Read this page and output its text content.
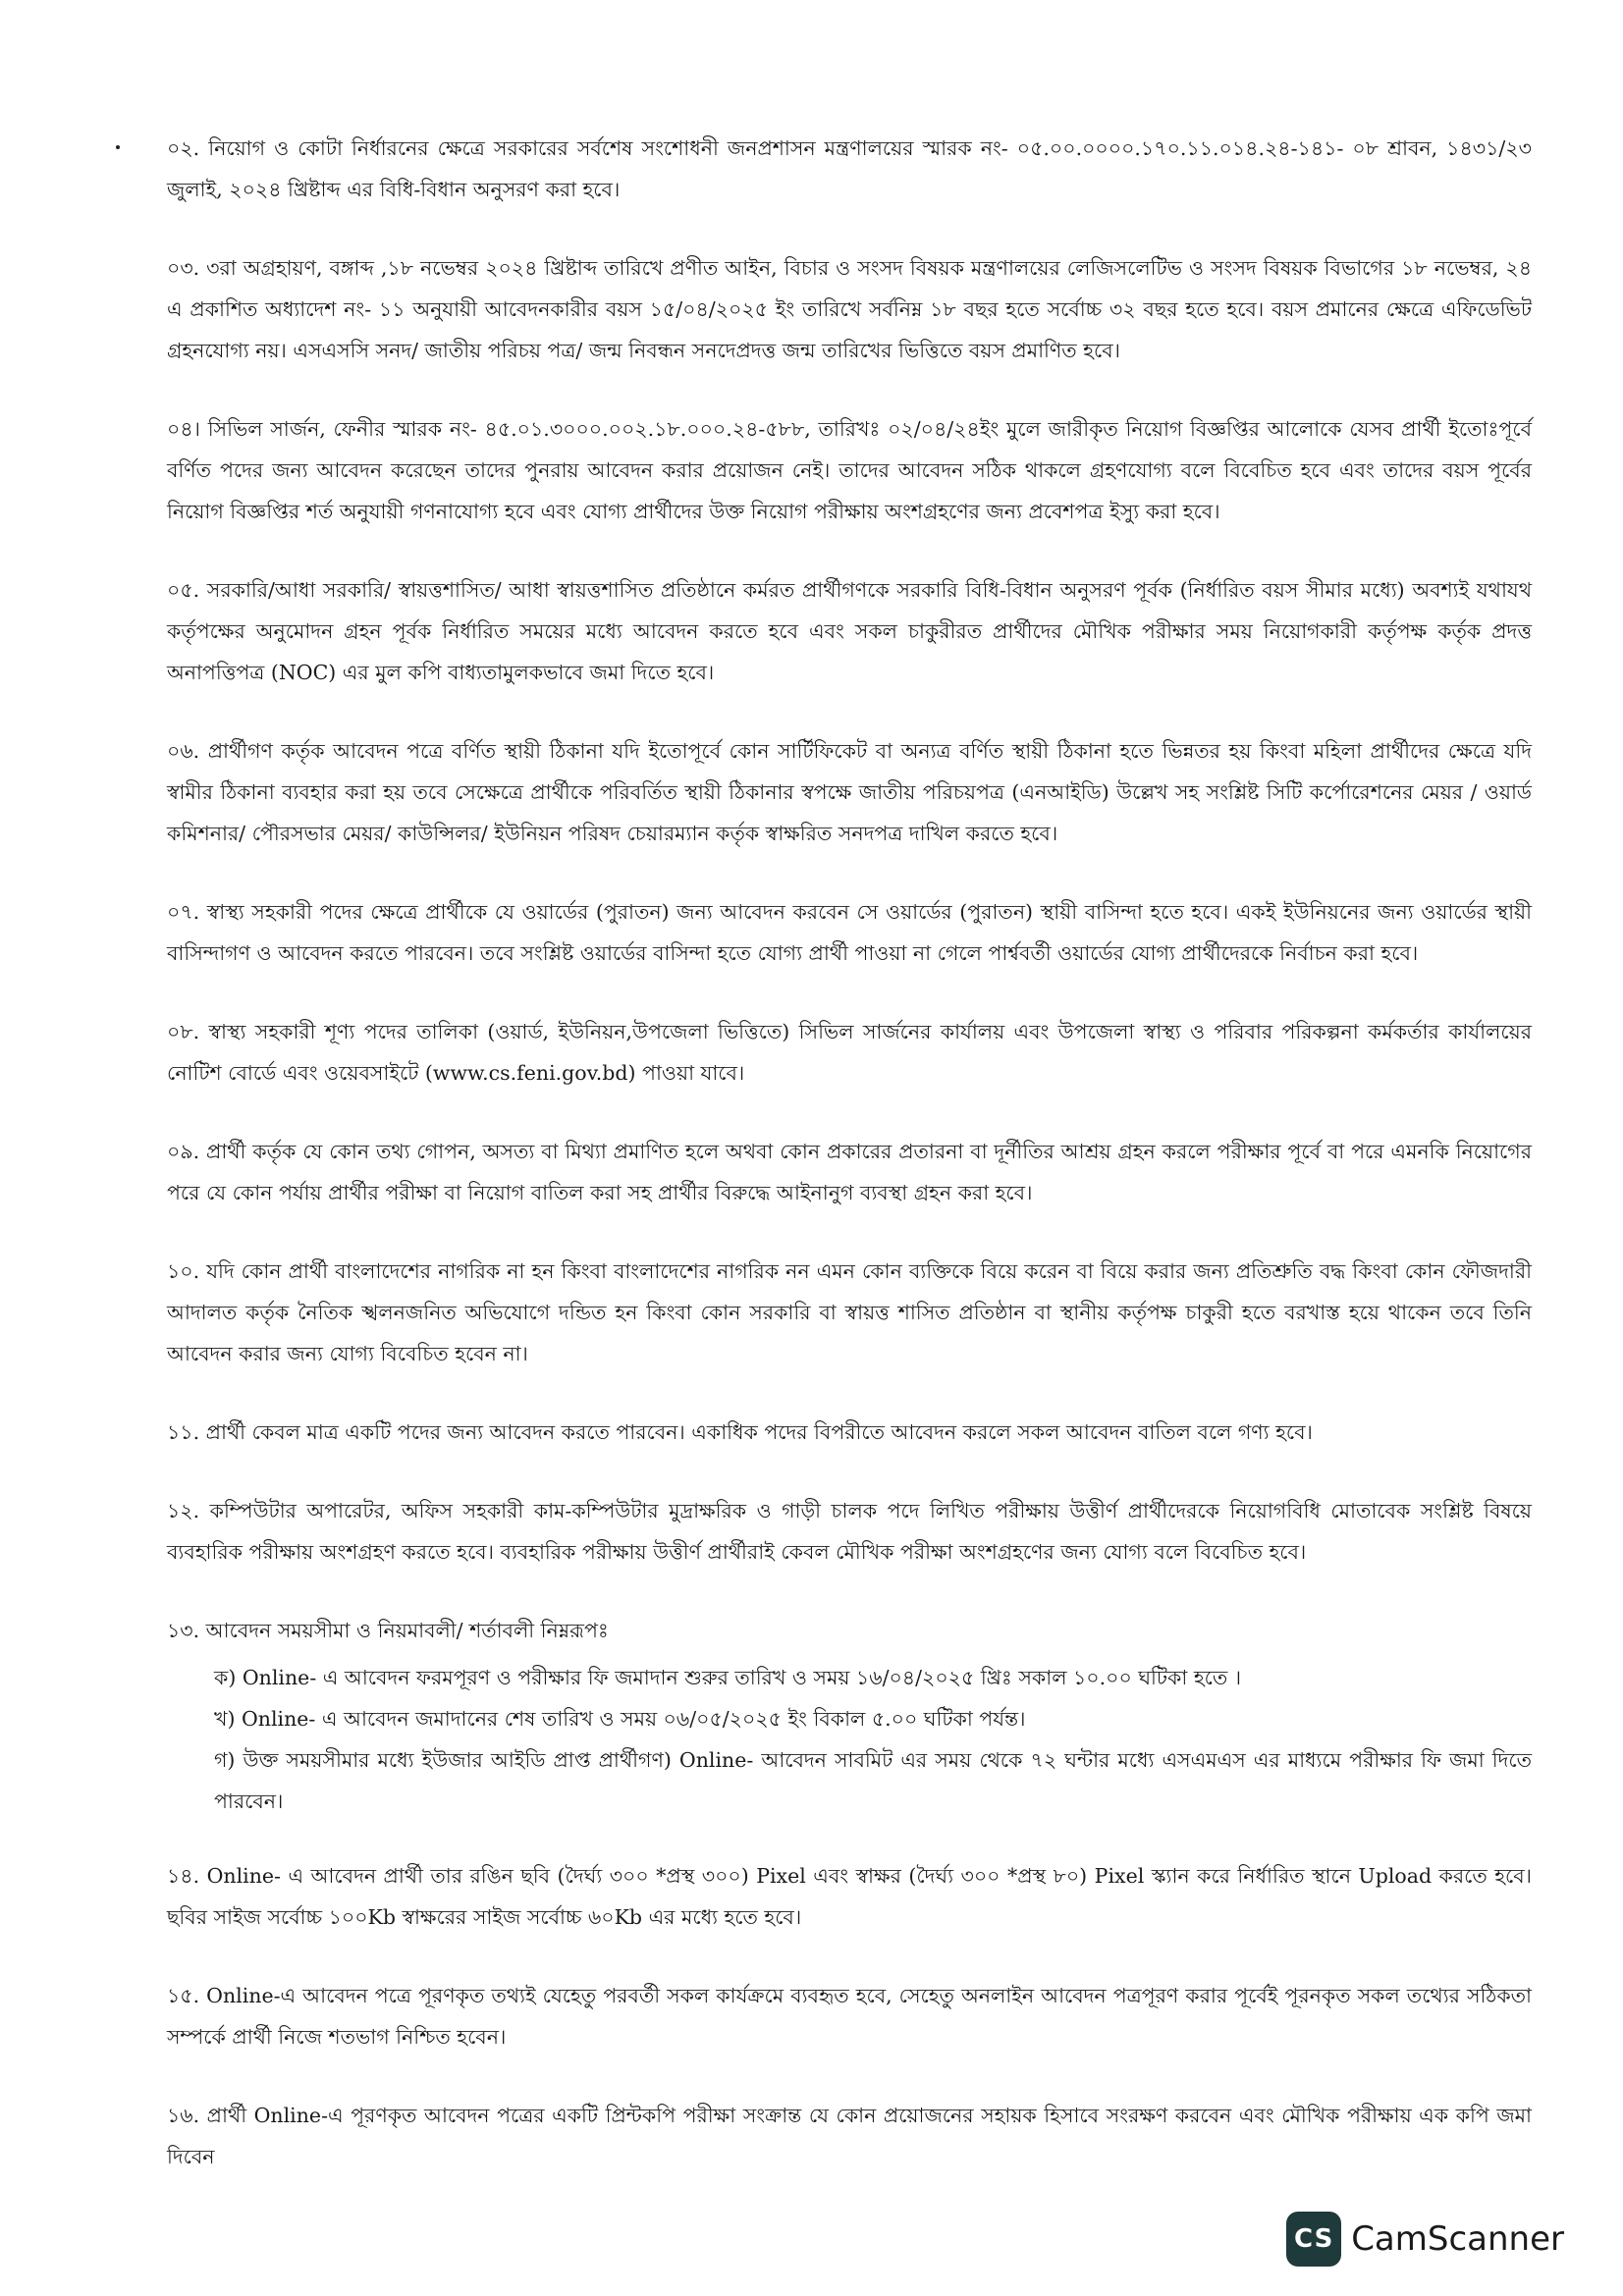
০২. নিয়োগ ও কোটা নির্ধারনের ক্ষেত্রে সরকারের সর্বশেষ সংশোধনী জনপ্রশাসন মন্ত্রণালয়ের স্মারক নং- ০৫.০০.০০০০.১৭০.১১.০১৪.২৪-১৪১- ০৮ শ্রাবন, ১৪৩১/২৩ জুলাই, ২০২৪ খ্রিষ্টাব্দ এর বিধি-বিধান অনুসরণ করা হবে।

০৩. ৩রা অগ্রহায়ণ, বঙ্গাব্দ ,১৮ নভেম্বর ২০২৪ খ্রিষ্টাব্দ তারিখে প্রণীত আইন, বিচার ও সংসদ বিষয়ক মন্ত্রণালয়ের লেজিসলেটিভ ও সংসদ বিষয়ক বিভাগের ১৮ নভেম্বর, ২৪ এ প্রকাশিত অধ্যাদেশ নং- ১১ অনুযায়ী আবেদনকারীর বয়স ১৫/০৪/২০২৫ ইং তারিখে সর্বনিম্ন ১৮ বছর হতে সর্বোচ্চ ৩২ বছর হতে হবে। বয়স প্রমানের ক্ষেত্রে এফিডেভিট গ্রহনযোগ্য নয়। এসএসসি সনদ/ জাতীয় পরিচয় পত্র/ জন্ম নিবন্ধন সনদেপ্রদত্ত জন্ম তারিখের ভিত্তিতে বয়স প্রমাণিত হবে।

০৪। সিভিল সার্জন, ফেনীর স্মারক নং- ৪৫.০১.৩০০০.০০২.১৮.০০০.২৪-৫৮৮, তারিখঃ ০২/০৪/২৪ইং মুলে জারীকৃত নিয়োগ বিজ্ঞপ্তির আলোকে যেসব প্রার্থী ইতোঃপূর্বে বর্ণিত পদের জন্য আবেদন করেছেন তাদের পুনরায় আবেদন করার প্রয়োজন নেই। তাদের আবেদন সঠিক থাকলে গ্রহণযোগ্য বলে বিবেচিত হবে এবং তাদের বয়স পূর্বের নিয়োগ বিজ্ঞপ্তির শর্ত অনুযায়ী গণনাযোগ্য হবে এবং যোগ্য প্রার্থীদের উক্ত নিয়োগ পরীক্ষায় অংশগ্রহণের জন্য প্রবেশপত্র ইস্যু করা হবে।

০৫. সরকারি/আধা সরকারি/ স্বায়ত্তশাসিত/ আধা স্বায়ত্তশাসিত প্রতিষ্ঠানে কর্মরত প্রার্থীগণকে সরকারি বিধি-বিধান অনুসরণ পূর্বক (নির্ধারিত বয়স সীমার মধ্যে) অবশ্যই যথাযথ কর্তৃপক্ষের অনুমোদন গ্রহন পূর্বক নির্ধারিত সময়ের মধ্যে আবেদন করতে হবে এবং সকল চাকুরীরত প্রার্থীদের মৌখিক পরীক্ষার সময় নিয়োগকারী কর্তৃপক্ষ কর্তৃক প্রদত্ত অনাপত্তিপত্র (NOC) এর মুল কপি বাধ্যতামুলকভাবে জমা দিতে হবে।

০৬. প্রার্থীগণ কর্তৃক আবেদন পত্রে বর্ণিত স্থায়ী ঠিকানা যদি ইতোপূর্বে কোন সার্টিফিকেট বা অন্যত্র বর্ণিত স্থায়ী ঠিকানা হতে ভিন্নতর হয় কিংবা মহিলা প্রার্থীদের ক্ষেত্রে যদি স্বামীর ঠিকানা ব্যবহার করা হয় তবে সেক্ষেত্রে প্রার্থীকে পরিবর্তিত স্থায়ী ঠিকানার স্বপক্ষে জাতীয় পরিচয়পত্র (এনআইডি) উল্লেখ সহ সংশ্লিষ্ট সিটি কর্পোরেশনের মেয়র / ওয়ার্ড কমিশনার/ পৌরসভার মেয়র/ কাউন্সিলর/ ইউনিয়ন পরিষদ চেয়ারম্যান কর্তৃক স্বাক্ষরিত সনদপত্র দাখিল করতে হবে।

০৭. স্বাস্থ্য সহকারী পদের ক্ষেত্রে প্রার্থীকে যে ওয়ার্ডের (পুরাতন) জন্য আবেদন করবেন সে ওয়ার্ডের (পুরাতন) স্থায়ী বাসিন্দা হতে হবে। একই ইউনিয়নের জন্য ওয়ার্ডের স্থায়ী বাসিন্দাগণ ও আবেদন করতে পারবেন। তবে সংশ্লিষ্ট ওয়ার্ডের বাসিন্দা হতে যোগ্য প্রার্থী পাওয়া না গেলে পার্শ্ববর্তী ওয়ার্ডের যোগ্য প্রার্থীদেরকে নির্বাচন করা হবে।

০৮. স্বাস্থ্য সহকারী শূণ্য পদের তালিকা (ওয়ার্ড, ইউনিয়ন,উপজেলা ভিত্তিতে) সিভিল সার্জনের কার্যালয় এবং উপজেলা স্বাস্থ্য ও পরিবার পরিকল্পনা কর্মকর্তার কার্যালয়ের নোটিশ বোর্ডে এবং ওয়েবসাইটে (www.cs.feni.gov.bd) পাওয়া যাবে।

০৯. প্রার্থী কর্তৃক যে কোন তথ্য গোপন, অসত্য বা মিথ্যা প্রমাণিত হলে অথবা কোন প্রকারের প্রতারনা বা দূর্নীতির আশ্রয় গ্রহন করলে পরীক্ষার পূর্বে বা পরে এমনকি নিয়োগের পরে যে কোন পর্যায় প্রার্থীর পরীক্ষা বা নিয়োগ বাতিল করা সহ প্রার্থীর বিরুদ্ধে আইনানুগ ব্যবস্থা গ্রহন করা হবে।

১০. যদি কোন প্রার্থী বাংলাদেশের নাগরিক না হন কিংবা বাংলাদেশের নাগরিক নন এমন কোন ব্যক্তিকে বিয়ে করেন বা বিয়ে করার জন্য প্রতিশ্রুতি বদ্ধ কিংবা কোন ফৌজদারী আদালত কর্তৃক নৈতিক স্খলনজনিত অভিযোগে দন্ডিত হন কিংবা কোন সরকারি বা স্বায়ত্ত শাসিত প্রতিষ্ঠান বা স্থানীয় কর্তৃপক্ষ চাকুরী হতে বরখাস্ত হয়ে থাকেন তবে তিনি আবেদন করার জন্য যোগ্য বিবেচিত হবেন না।

১১. প্রার্থী কেবল মাত্র একটি পদের জন্য আবেদন করতে পারবেন। একাধিক পদের বিপরীতে আবেদন করলে সকল আবেদন বাতিল বলে গণ্য হবে।

১২. কম্পিউটার অপারেটর, অফিস সহকারী কাম-কম্পিউটার মুদ্রাক্ষরিক ও গাড়ী চালক পদে লিখিত পরীক্ষায় উত্তীর্ণ প্রার্থীদেরকে নিয়োগবিধি মোতাবেক সংশ্লিষ্ট বিষয়ে ব্যবহারিক পরীক্ষায় অংশগ্রহণ করতে হবে। ব্যবহারিক পরীক্ষায় উত্তীর্ণ প্রার্থীরাই কেবল মৌখিক পরীক্ষা অংশগ্রহণের জন্য যোগ্য বলে বিবেচিত হবে।

১৩. আবেদন সময়সীমা ও নিয়মাবলী/ শর্তাবলী নিম্নরূপঃ

ক) Online- এ আবেদন ফরমপূরণ ও পরীক্ষার ফি জমাদান শুরুর তারিখ ও সময় ১৬/০৪/২০২৫ খ্রিঃ সকাল ১০.০০ ঘটিকা হতে ।

খ) Online- এ আবেদন জমাদানের শেষ তারিখ ও সময় ০৬/০৫/২০২৫ ইং বিকাল ৫.০০ ঘটিকা পর্যন্ত।

গ) উক্ত সময়সীমার মধ্যে ইউজার আইডি প্রাপ্ত প্রার্থীগণ) Online- আবেদন সাবমিট এর সময় থেকে ৭২ ঘন্টার মধ্যে এসএমএস এর মাধ্যমে পরীক্ষার ফি জমা দিতে পারবেন।

১৪. Online- এ আবেদন প্রার্থী তার রঙিন ছবি (দৈর্ঘ্য ৩০০ *প্রস্থ ৩০০) Pixel এবং স্বাক্ষর (দৈর্ঘ্য ৩০০ *প্রস্থ ৮০) Pixel স্ক্যান করে নির্ধারিত স্থানে Upload করতে হবে। ছবির সাইজ সর্বোচ্চ ১০০Kb স্বাক্ষরের সাইজ সর্বোচ্চ ৬০Kb এর মধ্যে হতে হবে।

১৫. Online-এ আবেদন পত্রে পূরণকৃত তথ্যই যেহেতু পরবর্তী সকল কার্যক্রমে ব্যবহৃত হবে, সেহেতু অনলাইন আবেদন পত্রপূরণ করার পূর্বেই পূরনকৃত সকল তথ্যের সঠিকতা সম্পর্কে প্রার্থী নিজে শতভাগ নিশ্চিত হবেন।

১৬. প্রার্থী Online-এ পূরণকৃত আবেদন পত্রের একটি প্রিন্টকপি পরীক্ষা সংক্রান্ত যে কোন প্রয়োজনের সহায়ক হিসাবে সংরক্ষণ করবেন এবং মৌখিক পরীক্ষায় এক কপি জমা দিবেন

CS CamScanner
